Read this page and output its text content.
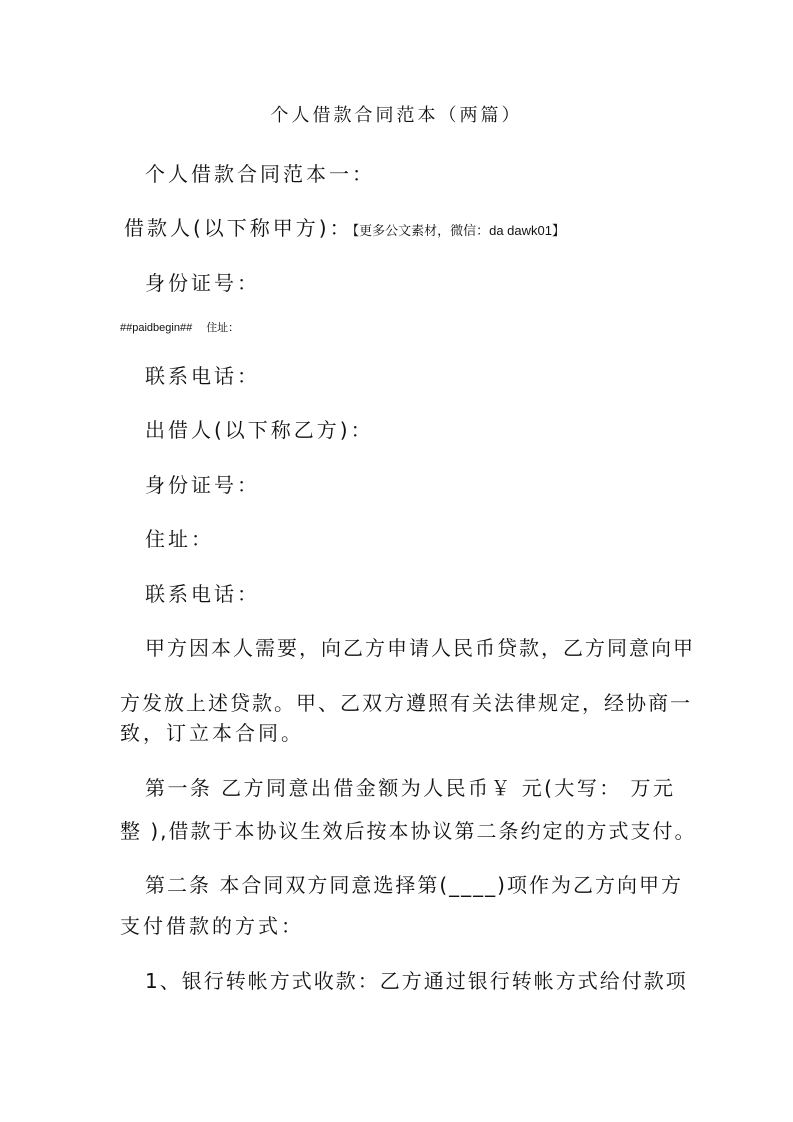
个人借款合同范本（两篇）
个人借款合同范本一：
借款人(以下称甲方)：【更多公文素材，微信：da dawk01】
身份证号：
##paidbegin## 住址：
联系电话：
出借人(以下称乙方)：
身份证号：
住址：
联系电话：
甲方因本人需要，向乙方申请人民币贷款，乙方同意向甲
方发放上述贷款。甲、乙双方遵照有关法律规定，经协商一
致，订立本合同。
第一条 乙方同意出借金额为人民币￥ 元(大写： 万元
整 ),借款于本协议生效后按本协议第二条约定的方式支付。
第二条 本合同双方同意选择第(____)项作为乙方向甲方
支付借款的方式：
1、银行转帐方式收款：乙方通过银行转帐方式给付款项
